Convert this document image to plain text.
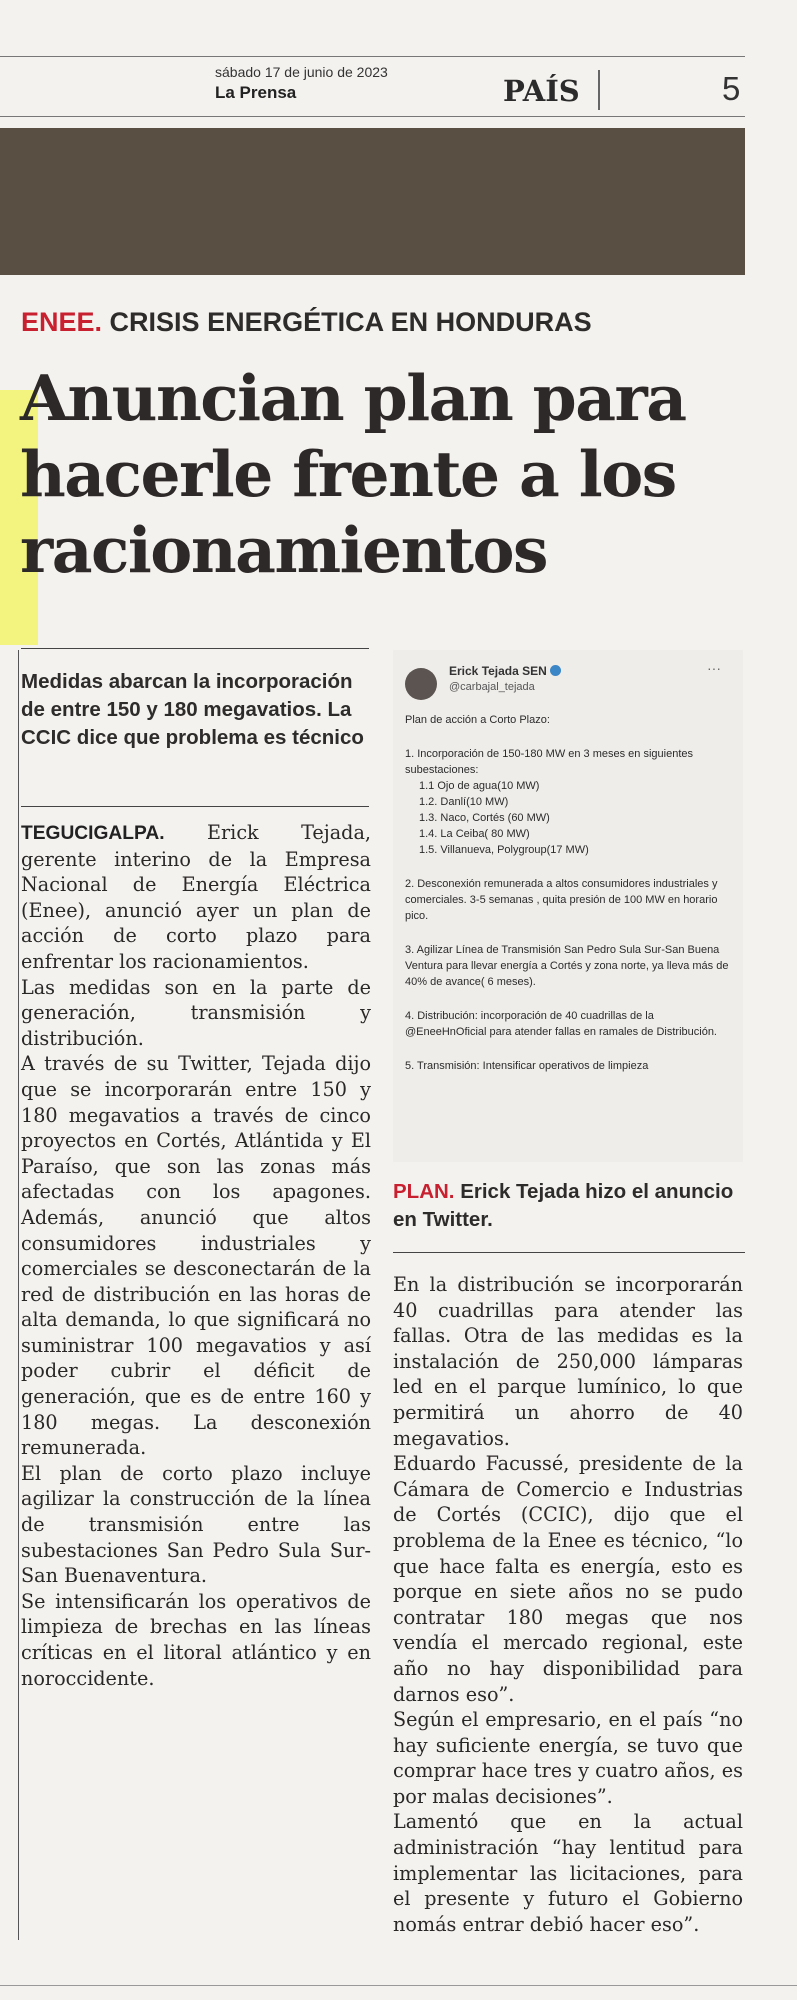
sábado 17 de junio de 2023
La Prensa	PAÍS	5
ENEE. CRISIS ENERGÉTICA EN HONDURAS
Anuncian plan para hacerle frente a los racionamientos
Medidas abarcan la incorporación de entre 150 y 180 megavatios. La CCIC dice que problema es técnico

TEGUCIGALPA. Erick Tejada, gerente interino de la Empresa Nacional de Energía Eléctrica (Enee), anunció ayer un plan de acción de corto plazo para enfrentar los racionamientos.

Las medidas son en la parte de generación, transmisión y distribución.

A través de su Twitter, Tejada dijo que se incorporarán entre 150 y 180 megavatios a través de cinco proyectos en Cortés, Atlántida y El Paraíso, que son las zonas más afectadas con los apagones. Además, anunció que altos consumidores industriales y comerciales se desconectarán de la red de distribución en las horas de alta demanda, lo que significará no suministrar 100 megavatios y así poder cubrir el déficit de generación, que es de entre 160 y 180 megas. La desconexión remunerada.

El plan de corto plazo incluye agilizar la construcción de la línea de transmisión entre las subestaciones San Pedro Sula Sur-San Buenaventura.

Se intensificarán los operativos de limpieza de brechas en las líneas críticas en el litoral atlántico y en noroccidente.

Erick Tejada SEN
@carbajal_tejada
···

Plan de acción a Corto Plazo:

1. Incorporación de 150-180 MW en 3 meses en siguientes subestaciones:

1.1 Ojo de agua(10 MW)

1.2. Danlí(10 MW)

1.3. Naco, Cortés (60 MW)

1.4. La Ceiba( 80 MW)

1.5. Villanueva, Polygroup(17 MW)

2. Desconexión remunerada a altos consumidores industriales y comerciales. 3-5 semanas , quita presión de 100 MW en horario pico.

3. Agilizar Línea de Transmisión San Pedro Sula Sur-San Buena Ventura para llevar energía a Cortés y zona norte, ya lleva más de 40% de avance( 6 meses).

4. Distribución: incorporación de 40 cuadrillas de la @EneeHnOficial para atender fallas en ramales de Distribución.

5. Transmisión: Intensificar operativos de limpieza

PLAN. Erick Tejada hizo el anuncio en Twitter.

En la distribución se incorporarán 40 cuadrillas para atender las fallas. Otra de las medidas es la instalación de 250,000 lámparas led en el parque lumínico, lo que permitirá un ahorro de 40 megavatios.

Eduardo Facussé, presidente de la Cámara de Comercio e Industrias de Cortés (CCIC), dijo que el problema de la Enee es técnico, “lo que hace falta es energía, esto es porque en siete años no se pudo contratar 180 megas que nos vendía el mercado regional, este año no hay disponibilidad para darnos eso”.

Según el empresario, en el país “no hay suficiente energía, se tuvo que comprar hace tres y cuatro años, es por malas decisiones”.

Lamentó que en la actual administración “hay lentitud para implementar las licitaciones, para el presente y futuro el Gobierno nomás entrar debió hacer eso”.
